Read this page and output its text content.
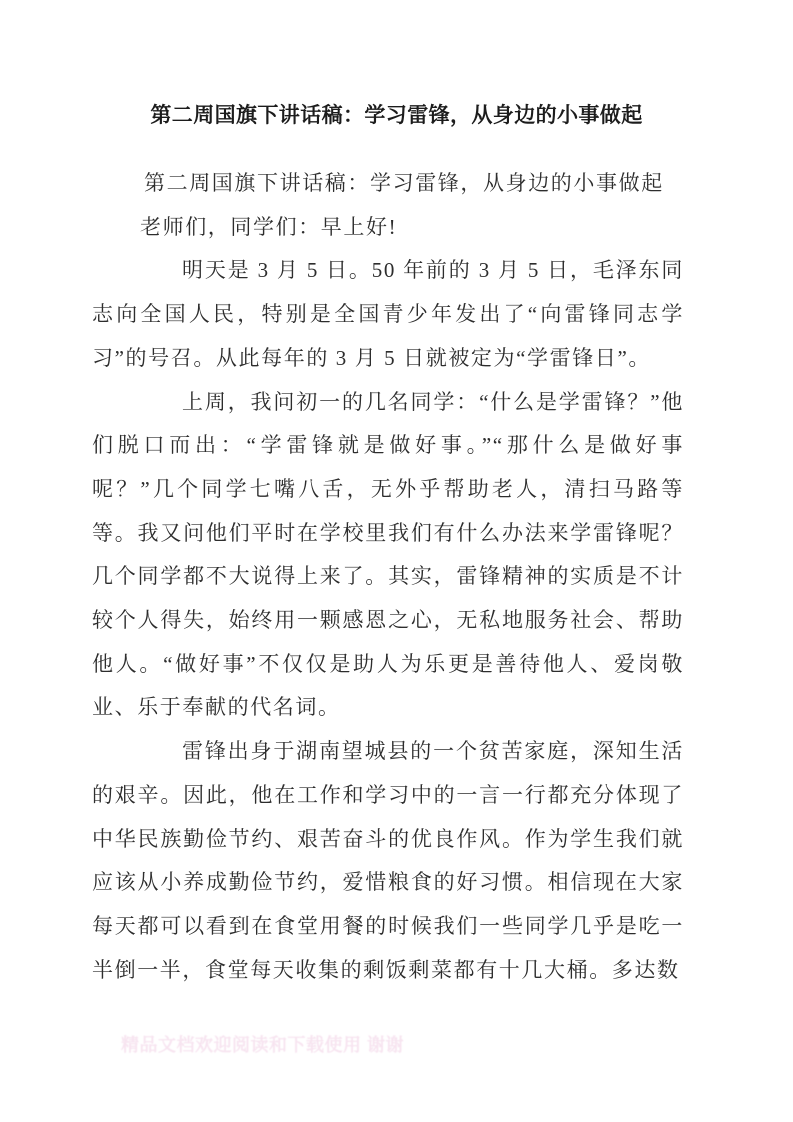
第二周国旗下讲话稿：学习雷锋，从身边的小事做起

第二周国旗下讲话稿：学习雷锋，从身边的小事做起

老师们，同学们：早上好!

明天是 3 月 5 日。50 年前的 3 月 5 日，毛泽东同志向全国人民，特别是全国青少年发出了“向雷锋同志学习”的号召。从此每年的 3 月 5 日就被定为“学雷锋日”。

上周，我问初一的几名同学：“什么是学雷锋？”他们脱口而出：“学雷锋就是做好事。”“那什么是做好事呢？”几个同学七嘴八舌，无外乎帮助老人，清扫马路等等。我又问他们平时在学校里我们有什么办法来学雷锋呢？几个同学都不大说得上来了。其实，雷锋精神的实质是不计较个人得失，始终用一颗感恩之心，无私地服务社会、帮助他人。“做好事”不仅仅是助人为乐更是善待他人、爱岗敬业、乐于奉献的代名词。

雷锋出身于湖南望城县的一个贫苦家庭，深知生活的艰辛。因此，他在工作和学习中的一言一行都充分体现了中华民族勤俭节约、艰苦奋斗的优良作风。作为学生我们就应该从小养成勤俭节约，爱惜粮食的好习惯。相信现在大家每天都可以看到在食堂用餐的时候我们一些同学几乎是吃一半倒一半，食堂每天收集的剩饭剩菜都有十几大桶。多达数

精品文档欢迎阅读和下载使用 谢谢
